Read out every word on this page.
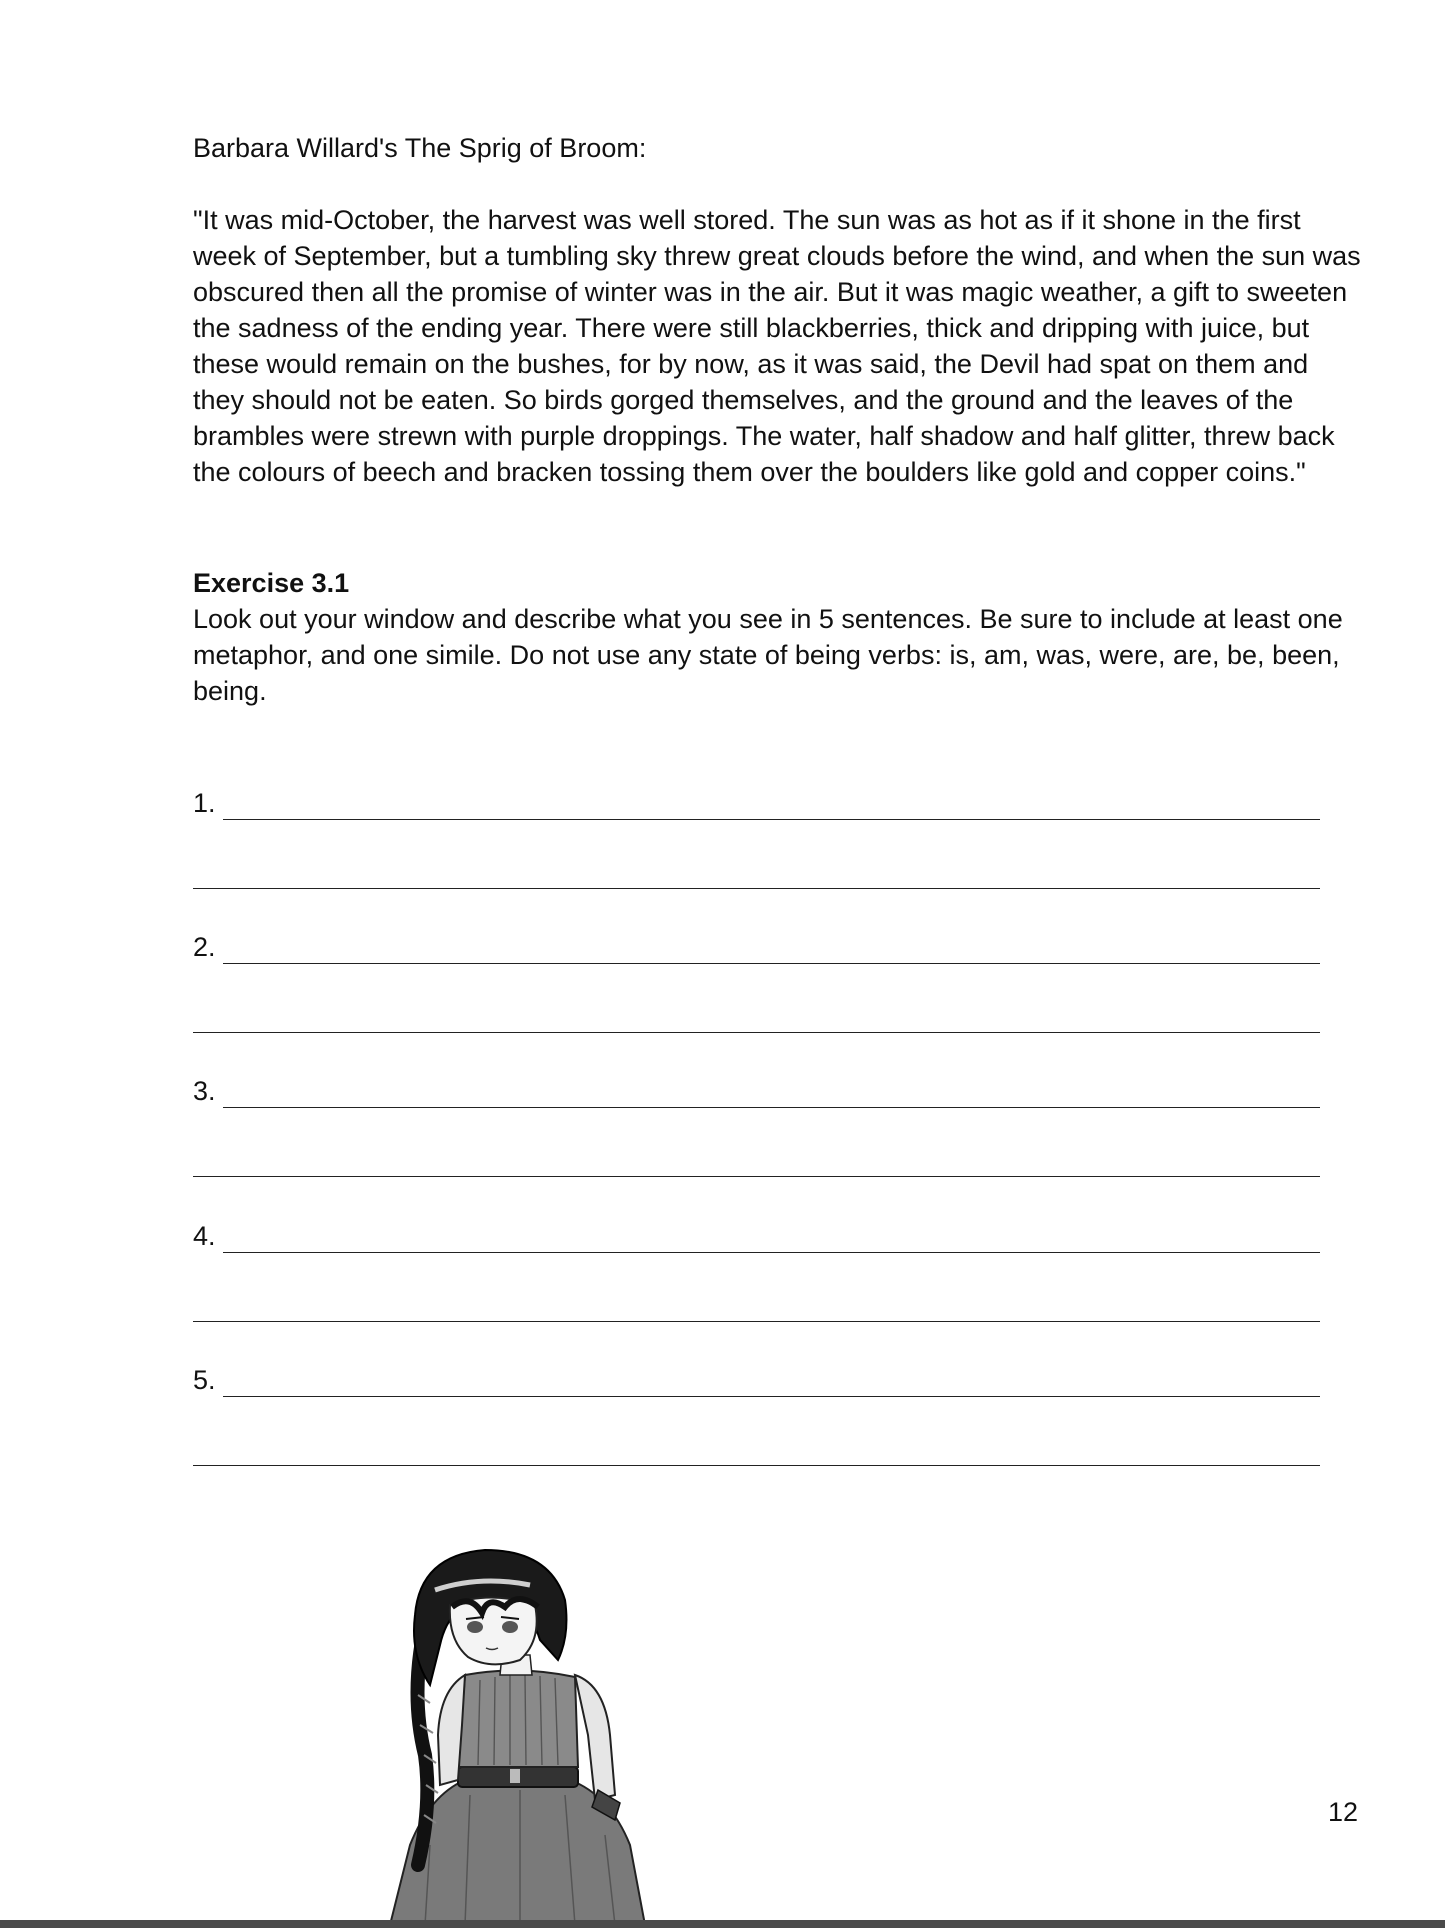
Barbara Willard's The Sprig of Broom:

"It was mid-October, the harvest was well stored. The sun was as hot as if it shone in the first week of September, but a tumbling sky threw great clouds before the wind, and when the sun was obscured then all the promise of winter was in the air. But it was magic weather, a gift to sweeten the sadness of the ending year. There were still blackberries, thick and dripping with juice, but these would remain on the bushes, for by now, as it was said, the Devil had spat on them and they should not be eaten. So birds gorged themselves, and the ground and the leaves of the brambles were strewn with purple droppings. The water, half shadow and half glitter, threw back the colours of beech and bracken tossing them over the boulders like gold and copper coins."

Exercise 3.1

Look out your window and describe what you see in 5 sentences. Be sure to include at least one metaphor, and one simile. Do not use any state of being verbs: is, am, was, were, are, be, been, being.

1.
2.
3.
4.
5.
12
